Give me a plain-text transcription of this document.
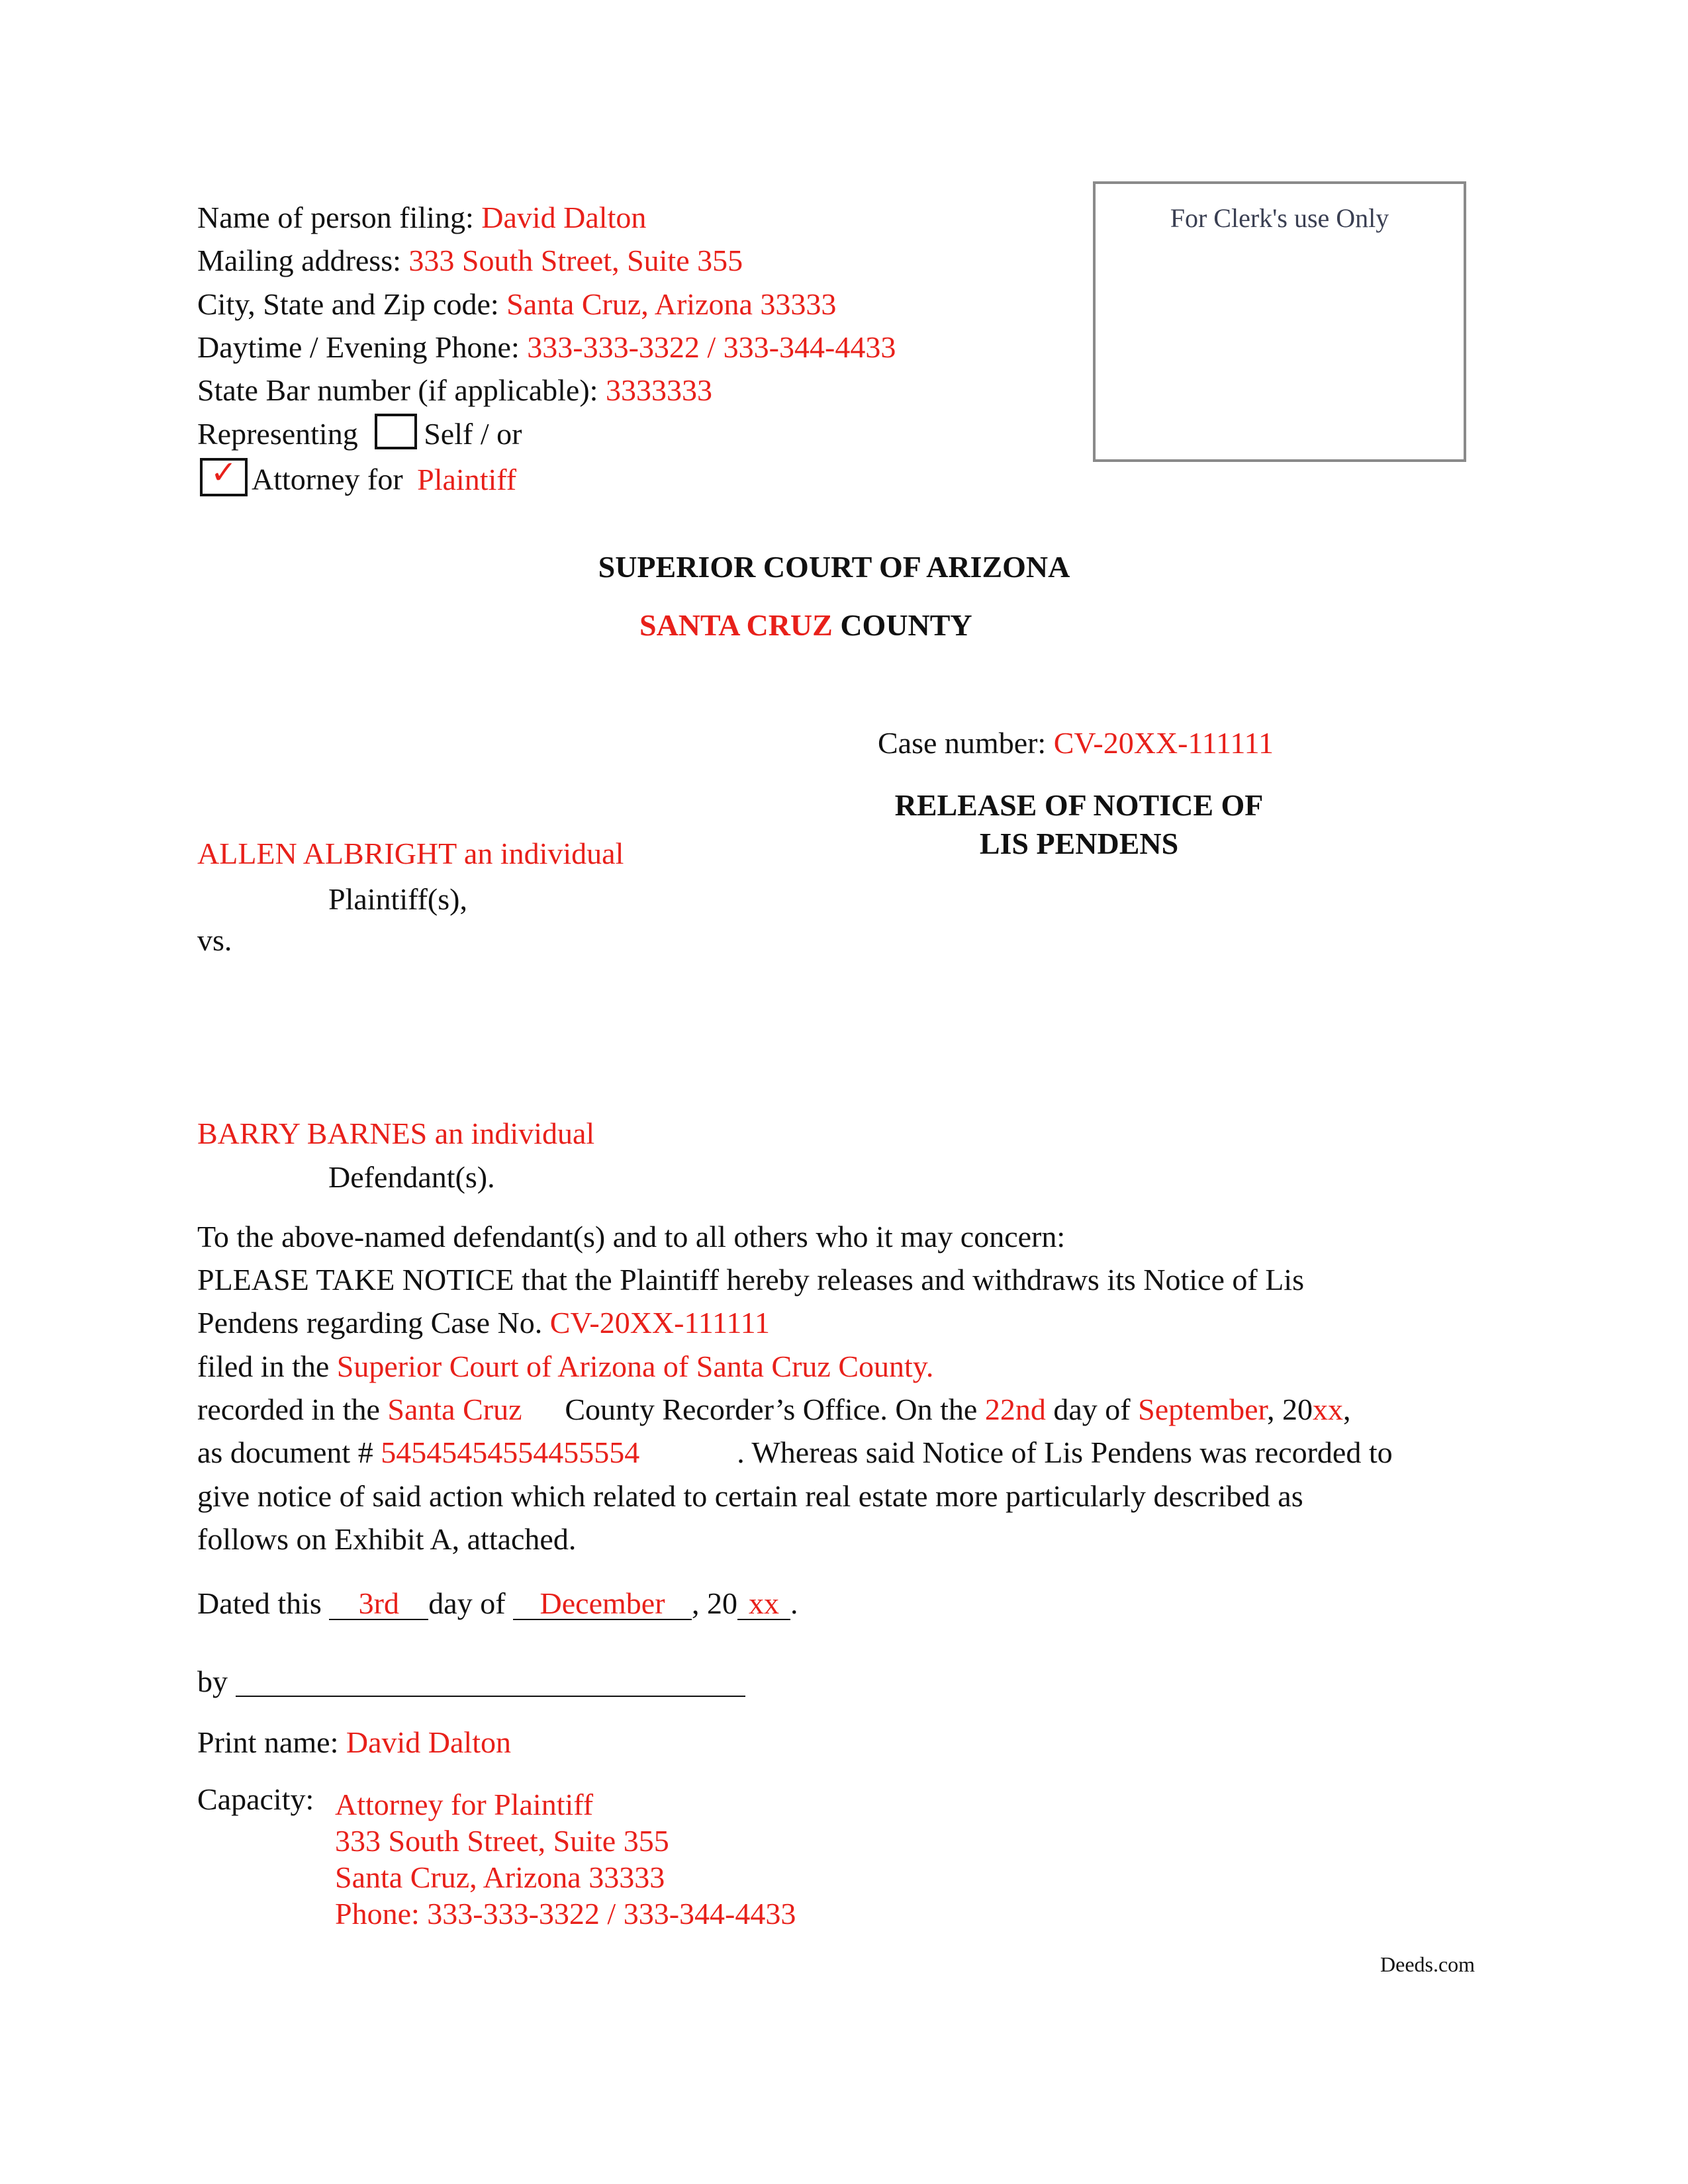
Name of person filing: David Dalton
Mailing address: 333 South Street, Suite 355
City, State and Zip code: Santa Cruz, Arizona 33333
Daytime / Evening Phone: 333-333-3322 / 333-344-4433
State Bar number (if applicable): 3333333
Representing Self / or
✓ Attorney for Plaintiff
For Clerk's use Only
SUPERIOR COURT OF ARIZONA
SANTA CRUZ COUNTY
Case number: CV-20XX-111111
RELEASE OF NOTICE OF
LIS PENDENS
ALLEN ALBRIGHT an individual
Plaintiff(s),
vs.
BARRY BARNES an individual
Defendant(s).
To the above-named defendant(s) and to all others who it may concern:
PLEASE TAKE NOTICE that the Plaintiff hereby releases and withdraws its Notice of Lis
Pendens regarding Case No. CV-20XX-111111
filed in the Superior Court of Arizona of Santa Cruz County.
recorded in the Santa Cruz County Recorder’s Office. On the 22nd day of September, 20xx,
as document # 54545454554455554	. Whereas said Notice of Lis Pendens was recorded to
give notice of said action which related to certain real estate more particularly described as
follows on Exhibit A, attached.
Dated this 3rd day of December , 20 xx .
by
Print name: David Dalton
Capacity: Attorney for Plaintiff
333 South Street, Suite 355
Santa Cruz, Arizona 33333
Phone: 333-333-3322 / 333-344-4433
Deeds.com
